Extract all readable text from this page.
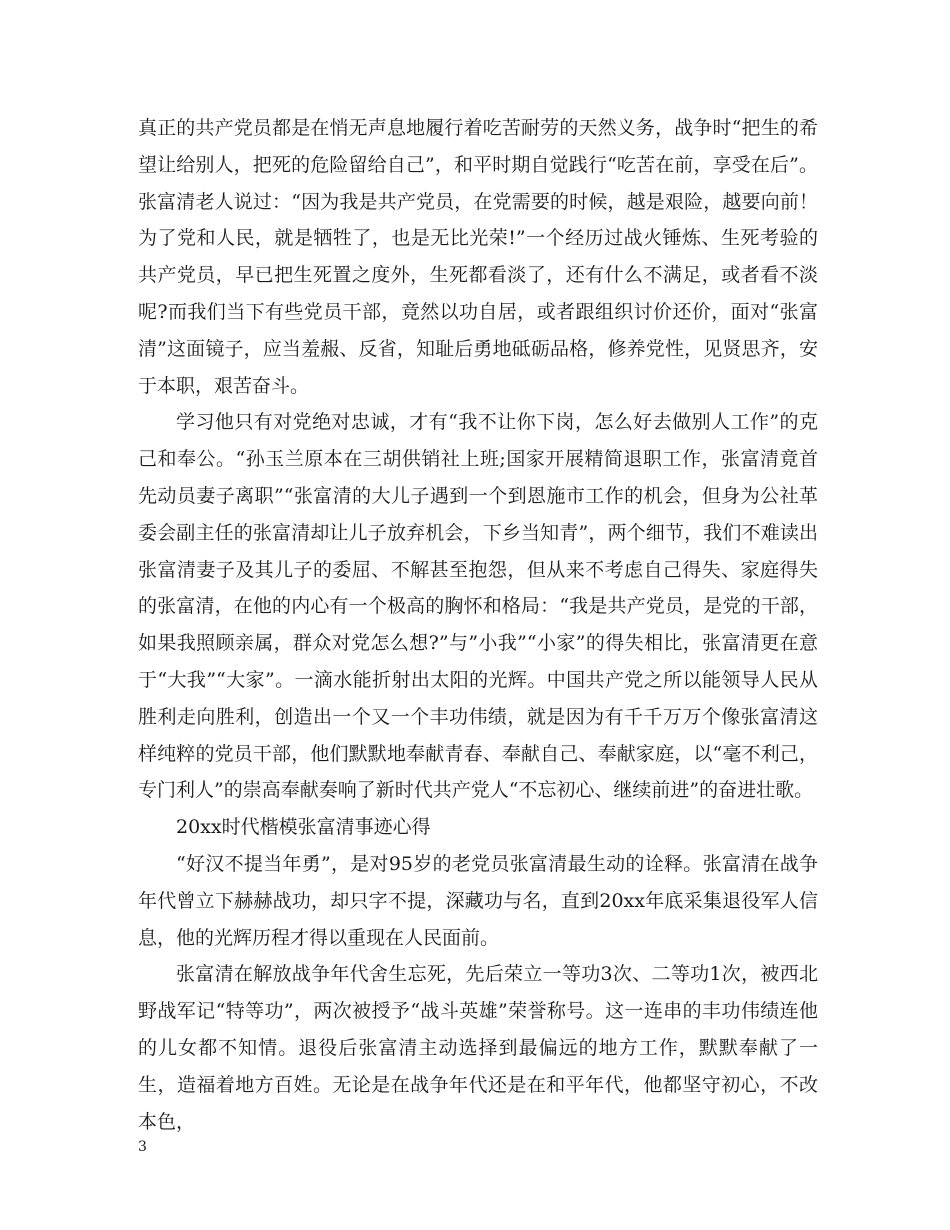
真正的共产党员都是在悄无声息地履行着吃苦耐劳的天然义务，战争时“把生的希望让给别人，把死的危险留给自己”，和平时期自觉践行“吃苦在前，享受在后”。张富清老人说过：“因为我是共产党员，在党需要的时候，越是艰险，越要向前！为了党和人民，就是牺牲了，也是无比光荣!”一个经历过战火锤炼、生死考验的共产党员，早已把生死置之度外，生死都看淡了，还有什么不满足，或者看不淡呢?而我们当下有些党员干部，竟然以功自居，或者跟组织讨价还价，面对“张富清”这面镜子，应当羞赧、反省，知耻后勇地砥砺品格，修养党性，见贤思齐，安于本职，艰苦奋斗。

学习他只有对党绝对忠诚，才有“我不让你下岗，怎么好去做别人工作”的克己和奉公。“孙玉兰原本在三胡供销社上班;国家开展精简退职工作，张富清竟首先动员妻子离职”“张富清的大儿子遇到一个到恩施市工作的机会，但身为公社革委会副主任的张富清却让儿子放弃机会，下乡当知青”，两个细节，我们不难读出张富清妻子及其儿子的委屈、不解甚至抱怨，但从来不考虑自己得失、家庭得失的张富清，在他的内心有一个极高的胸怀和格局：“我是共产党员，是党的干部，如果我照顾亲属，群众对党怎么想?”与”小我”“小家”的得失相比，张富清更在意于“大我”“大家”。一滴水能折射出太阳的光辉。中国共产党之所以能领导人民从胜利走向胜利，创造出一个又一个丰功伟绩，就是因为有千千万万个像张富清这样纯粹的党员干部，他们默默地奉献青春、奉献自己、奉献家庭，以“毫不利己，专门利人”的崇高奉献奏响了新时代共产党人“不忘初心、继续前进”的奋进壮歌。

20xx时代楷模张富清事迹心得

“好汉不提当年勇”，是对95岁的老党员张富清最生动的诠释。张富清在战争年代曾立下赫赫战功，却只字不提，深藏功与名，直到20xx年底采集退役军人信息，他的光辉历程才得以重现在人民面前。

张富清在解放战争年代舍生忘死，先后荣立一等功3次、二等功1次，被西北野战军记“特等功”，两次被授予“战斗英雄”荣誉称号。这一连串的丰功伟绩连他的儿女都不知情。退役后张富清主动选择到最偏远的地方工作，默默奉献了一生，造福着地方百姓。无论是在战争年代还是在和平年代，他都坚守初心，不改本色，

3
